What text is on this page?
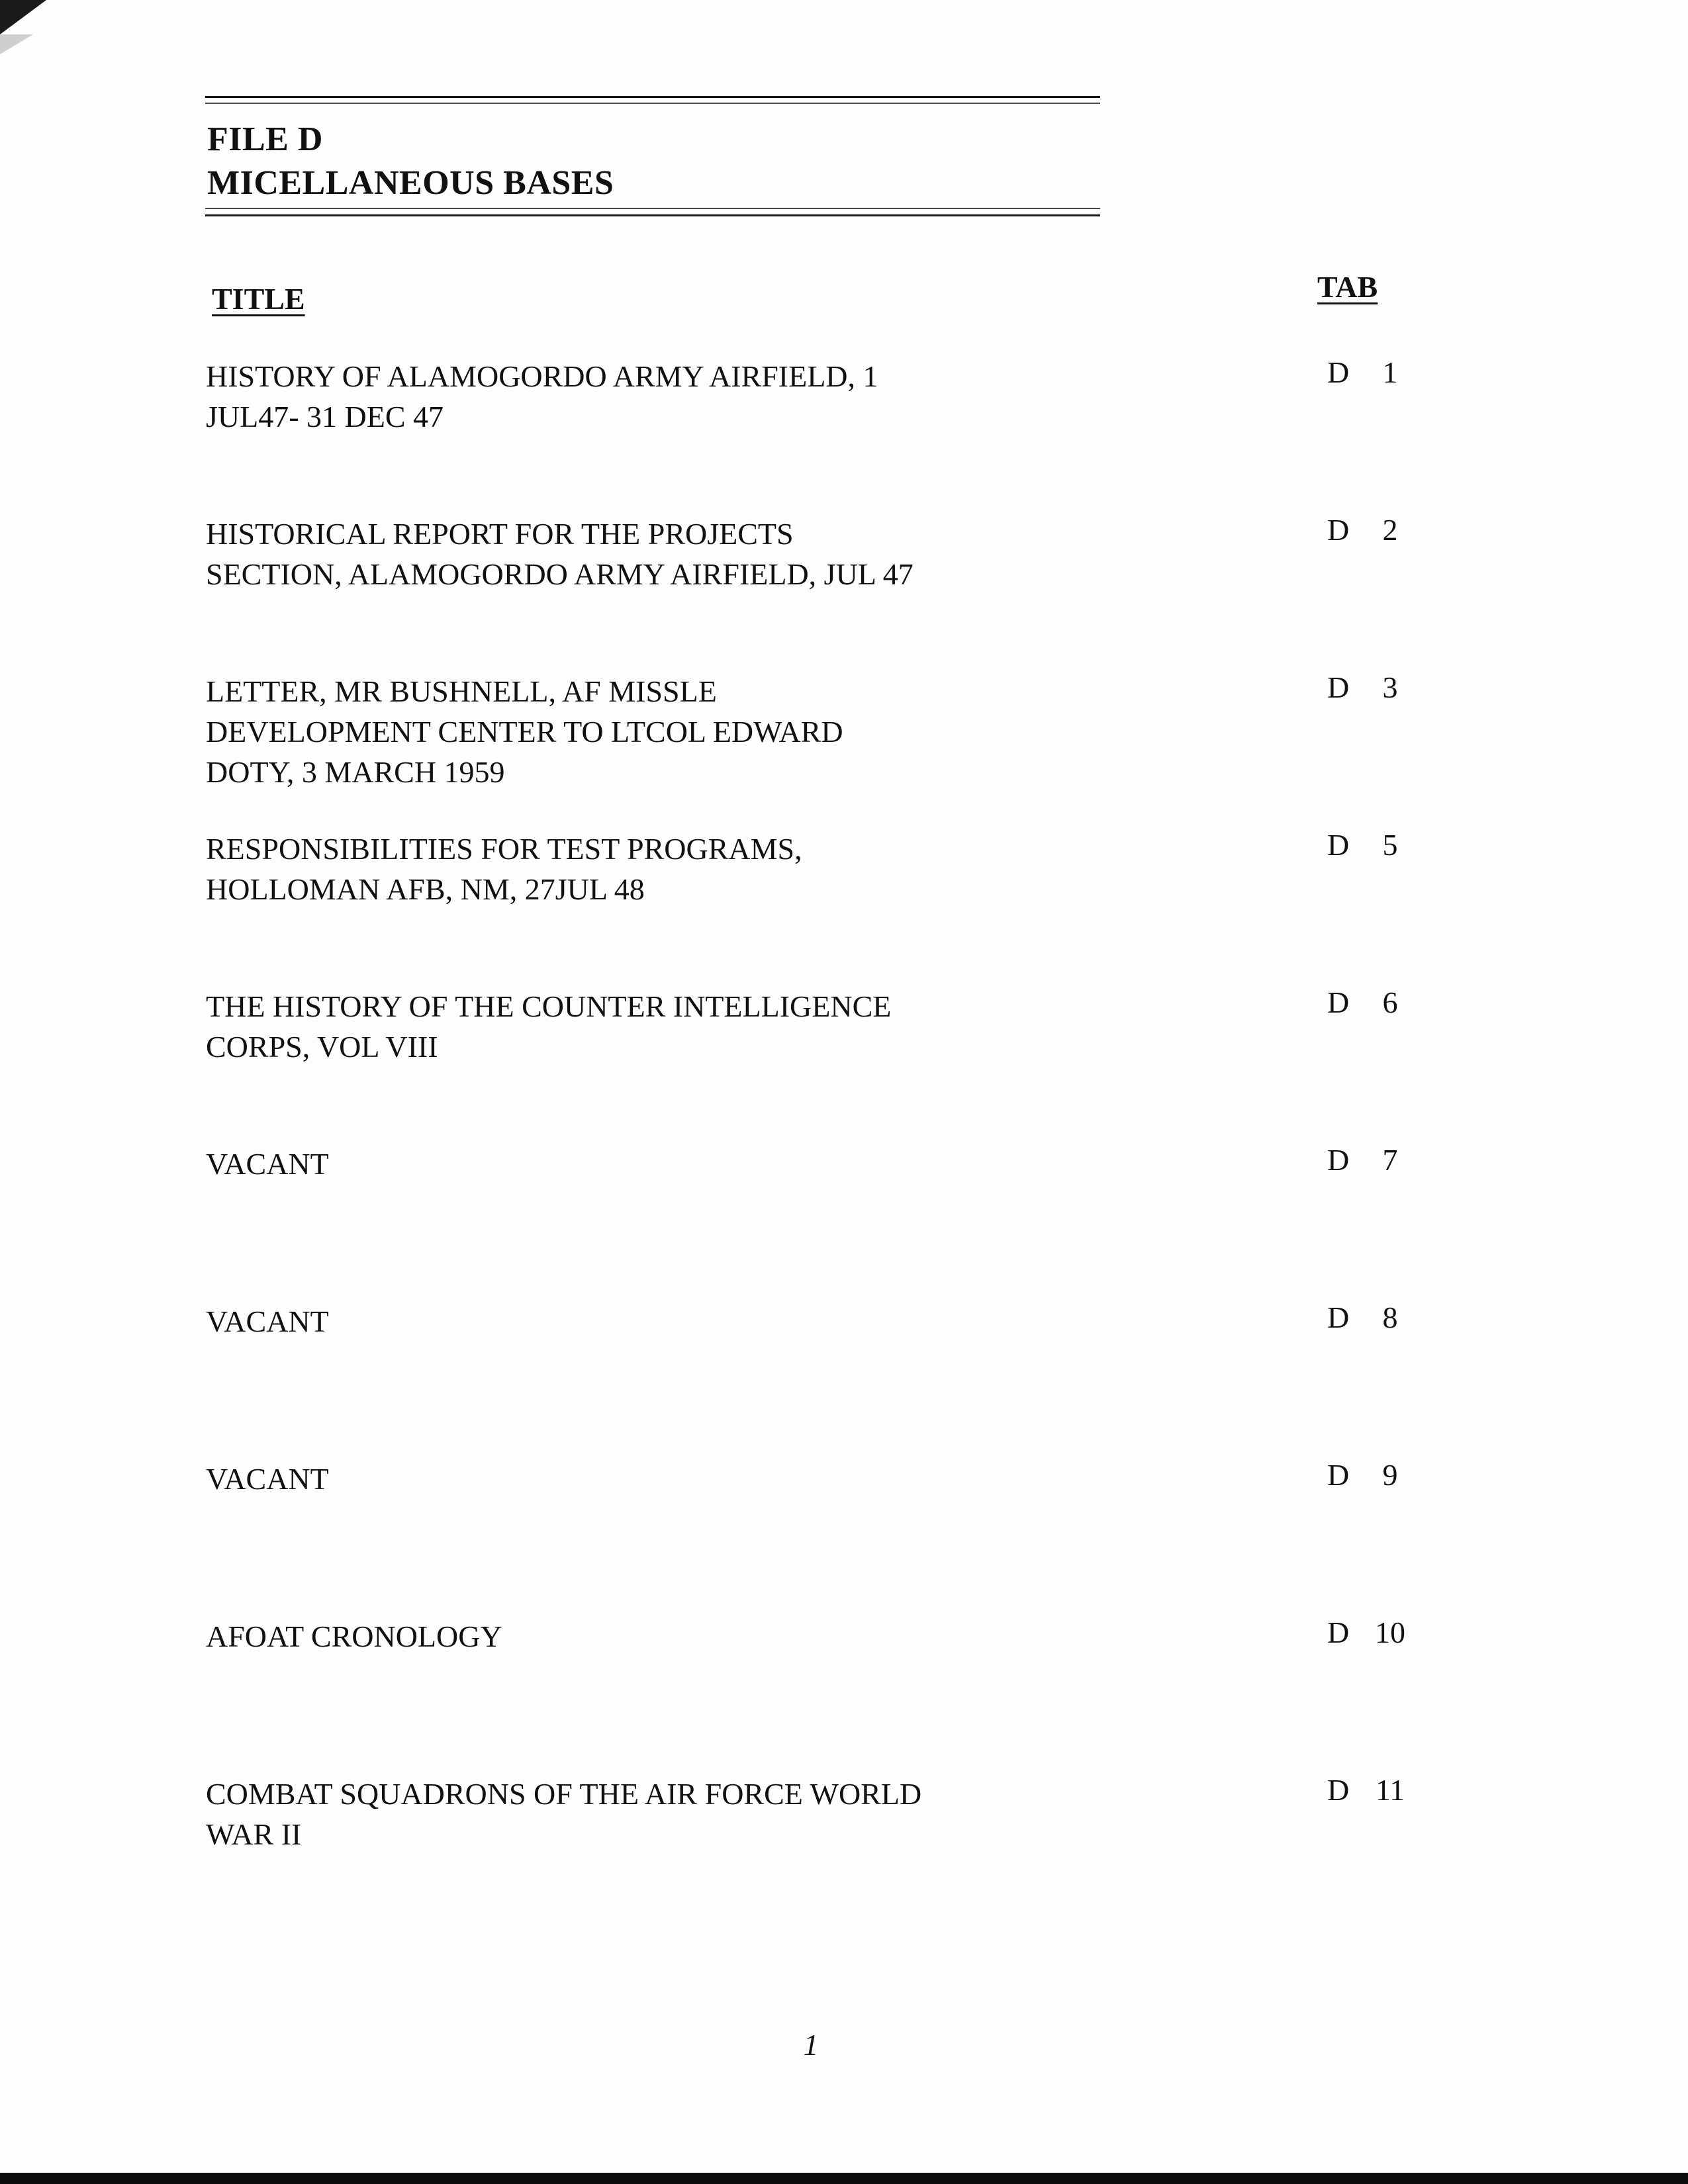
FILE D
MICELLANEOUS BASES
TITLE	TAB
HISTORY OF ALAMOGORDO ARMY AIRFIELD, 1
JUL47- 31 DEC 47
D	1
HISTORICAL REPORT FOR THE PROJECTS
SECTION, ALAMOGORDO ARMY AIRFIELD, JUL 47
D	2
LETTER, MR BUSHNELL, AF MISSLE
DEVELOPMENT CENTER TO LTCOL EDWARD
DOTY, 3 MARCH 1959
D	3
RESPONSIBILITIES FOR TEST PROGRAMS,
HOLLOMAN AFB, NM, 27JUL 48
D	5
THE HISTORY OF THE COUNTER INTELLIGENCE
CORPS, VOL VIII
D	6
VACANT	D	7
VACANT	D	8
VACANT	D	9
AFOAT CRONOLOGY	D 10
COMBAT SQUADRONS OF THE AIR FORCE WORLD
WAR II
D 11
1
